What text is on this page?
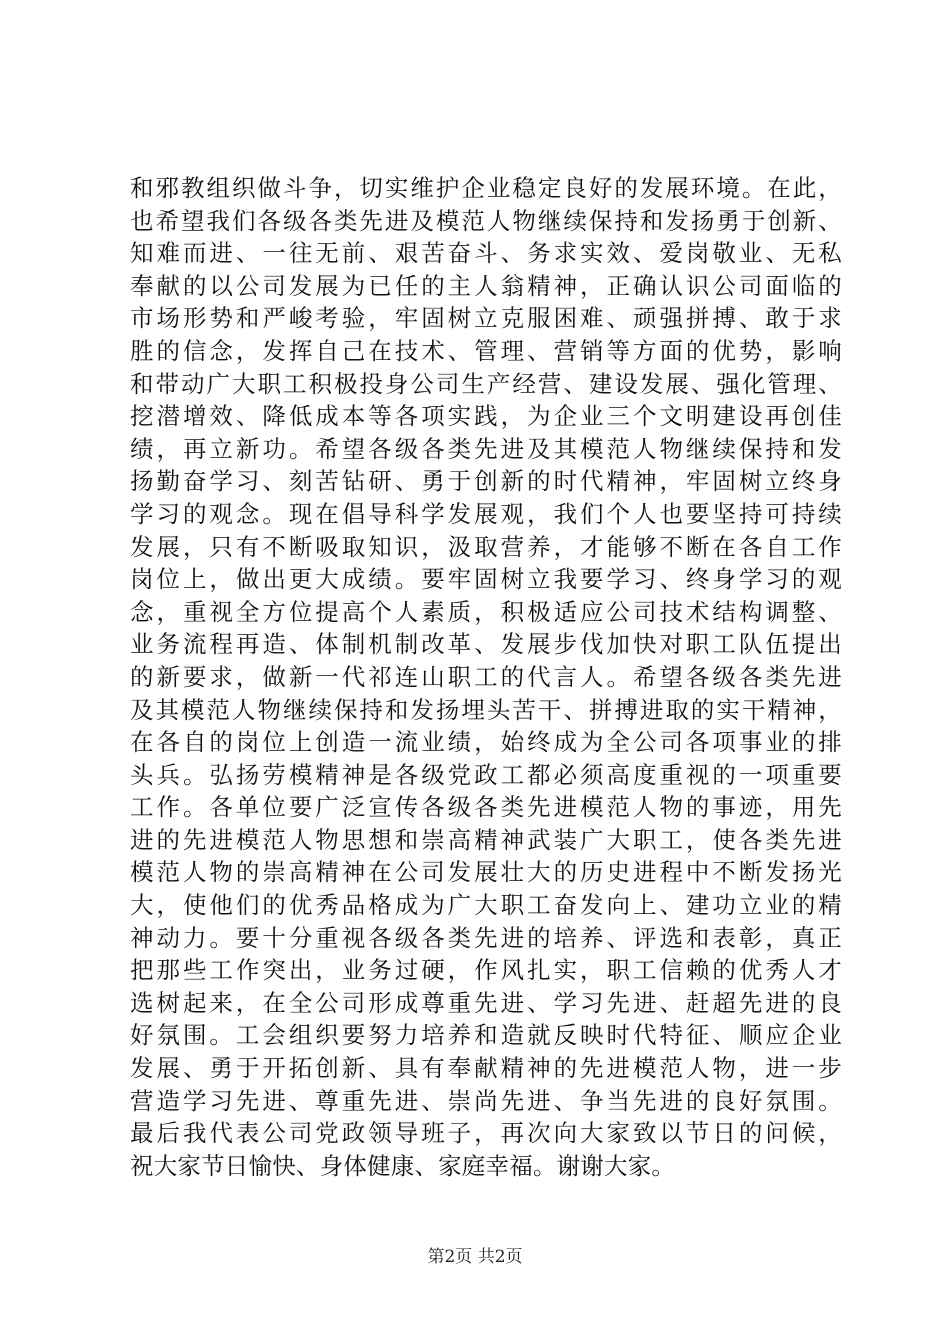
和邪教组织做斗争，切实维护企业稳定良好的发展环境。在此，
也希望我们各级各类先进及模范人物继续保持和发扬勇于创新、
知难而进、一往无前、艰苦奋斗、务求实效、爱岗敬业、无私
奉献的以公司发展为已任的主人翁精神，正确认识公司面临的
市场形势和严峻考验，牢固树立克服困难、顽强拼搏、敢于求
胜的信念，发挥自己在技术、管理、营销等方面的优势，影响
和带动广大职工积极投身公司生产经营、建设发展、强化管理、
挖潜增效、降低成本等各项实践，为企业三个文明建设再创佳
绩，再立新功。希望各级各类先进及其模范人物继续保持和发
扬勤奋学习、刻苦钻研、勇于创新的时代精神，牢固树立终身
学习的观念。现在倡导科学发展观，我们个人也要坚持可持续
发展，只有不断吸取知识，汲取营养，才能够不断在各自工作
岗位上，做出更大成绩。要牢固树立我要学习、终身学习的观
念，重视全方位提高个人素质，积极适应公司技术结构调整、
业务流程再造、体制机制改革、发展步伐加快对职工队伍提出
的新要求，做新一代祁连山职工的代言人。希望各级各类先进
及其模范人物继续保持和发扬埋头苦干、拼搏进取的实干精神，
在各自的岗位上创造一流业绩，始终成为全公司各项事业的排
头兵。弘扬劳模精神是各级党政工都必须高度重视的一项重要
工作。各单位要广泛宣传各级各类先进模范人物的事迹，用先
进的先进模范人物思想和崇高精神武装广大职工，使各类先进
模范人物的崇高精神在公司发展壮大的历史进程中不断发扬光
大，使他们的优秀品格成为广大职工奋发向上、建功立业的精
神动力。要十分重视各级各类先进的培养、评选和表彰，真正
把那些工作突出，业务过硬，作风扎实，职工信赖的优秀人才
选树起来，在全公司形成尊重先进、学习先进、赶超先进的良
好氛围。工会组织要努力培养和造就反映时代特征、顺应企业
发展、勇于开拓创新、具有奉献精神的先进模范人物，进一步
营造学习先进、尊重先进、崇尚先进、争当先进的良好氛围。
最后我代表公司党政领导班子，再次向大家致以节日的问候，
祝大家节日愉快、身体健康、家庭幸福。谢谢大家。
第2页 共2页
